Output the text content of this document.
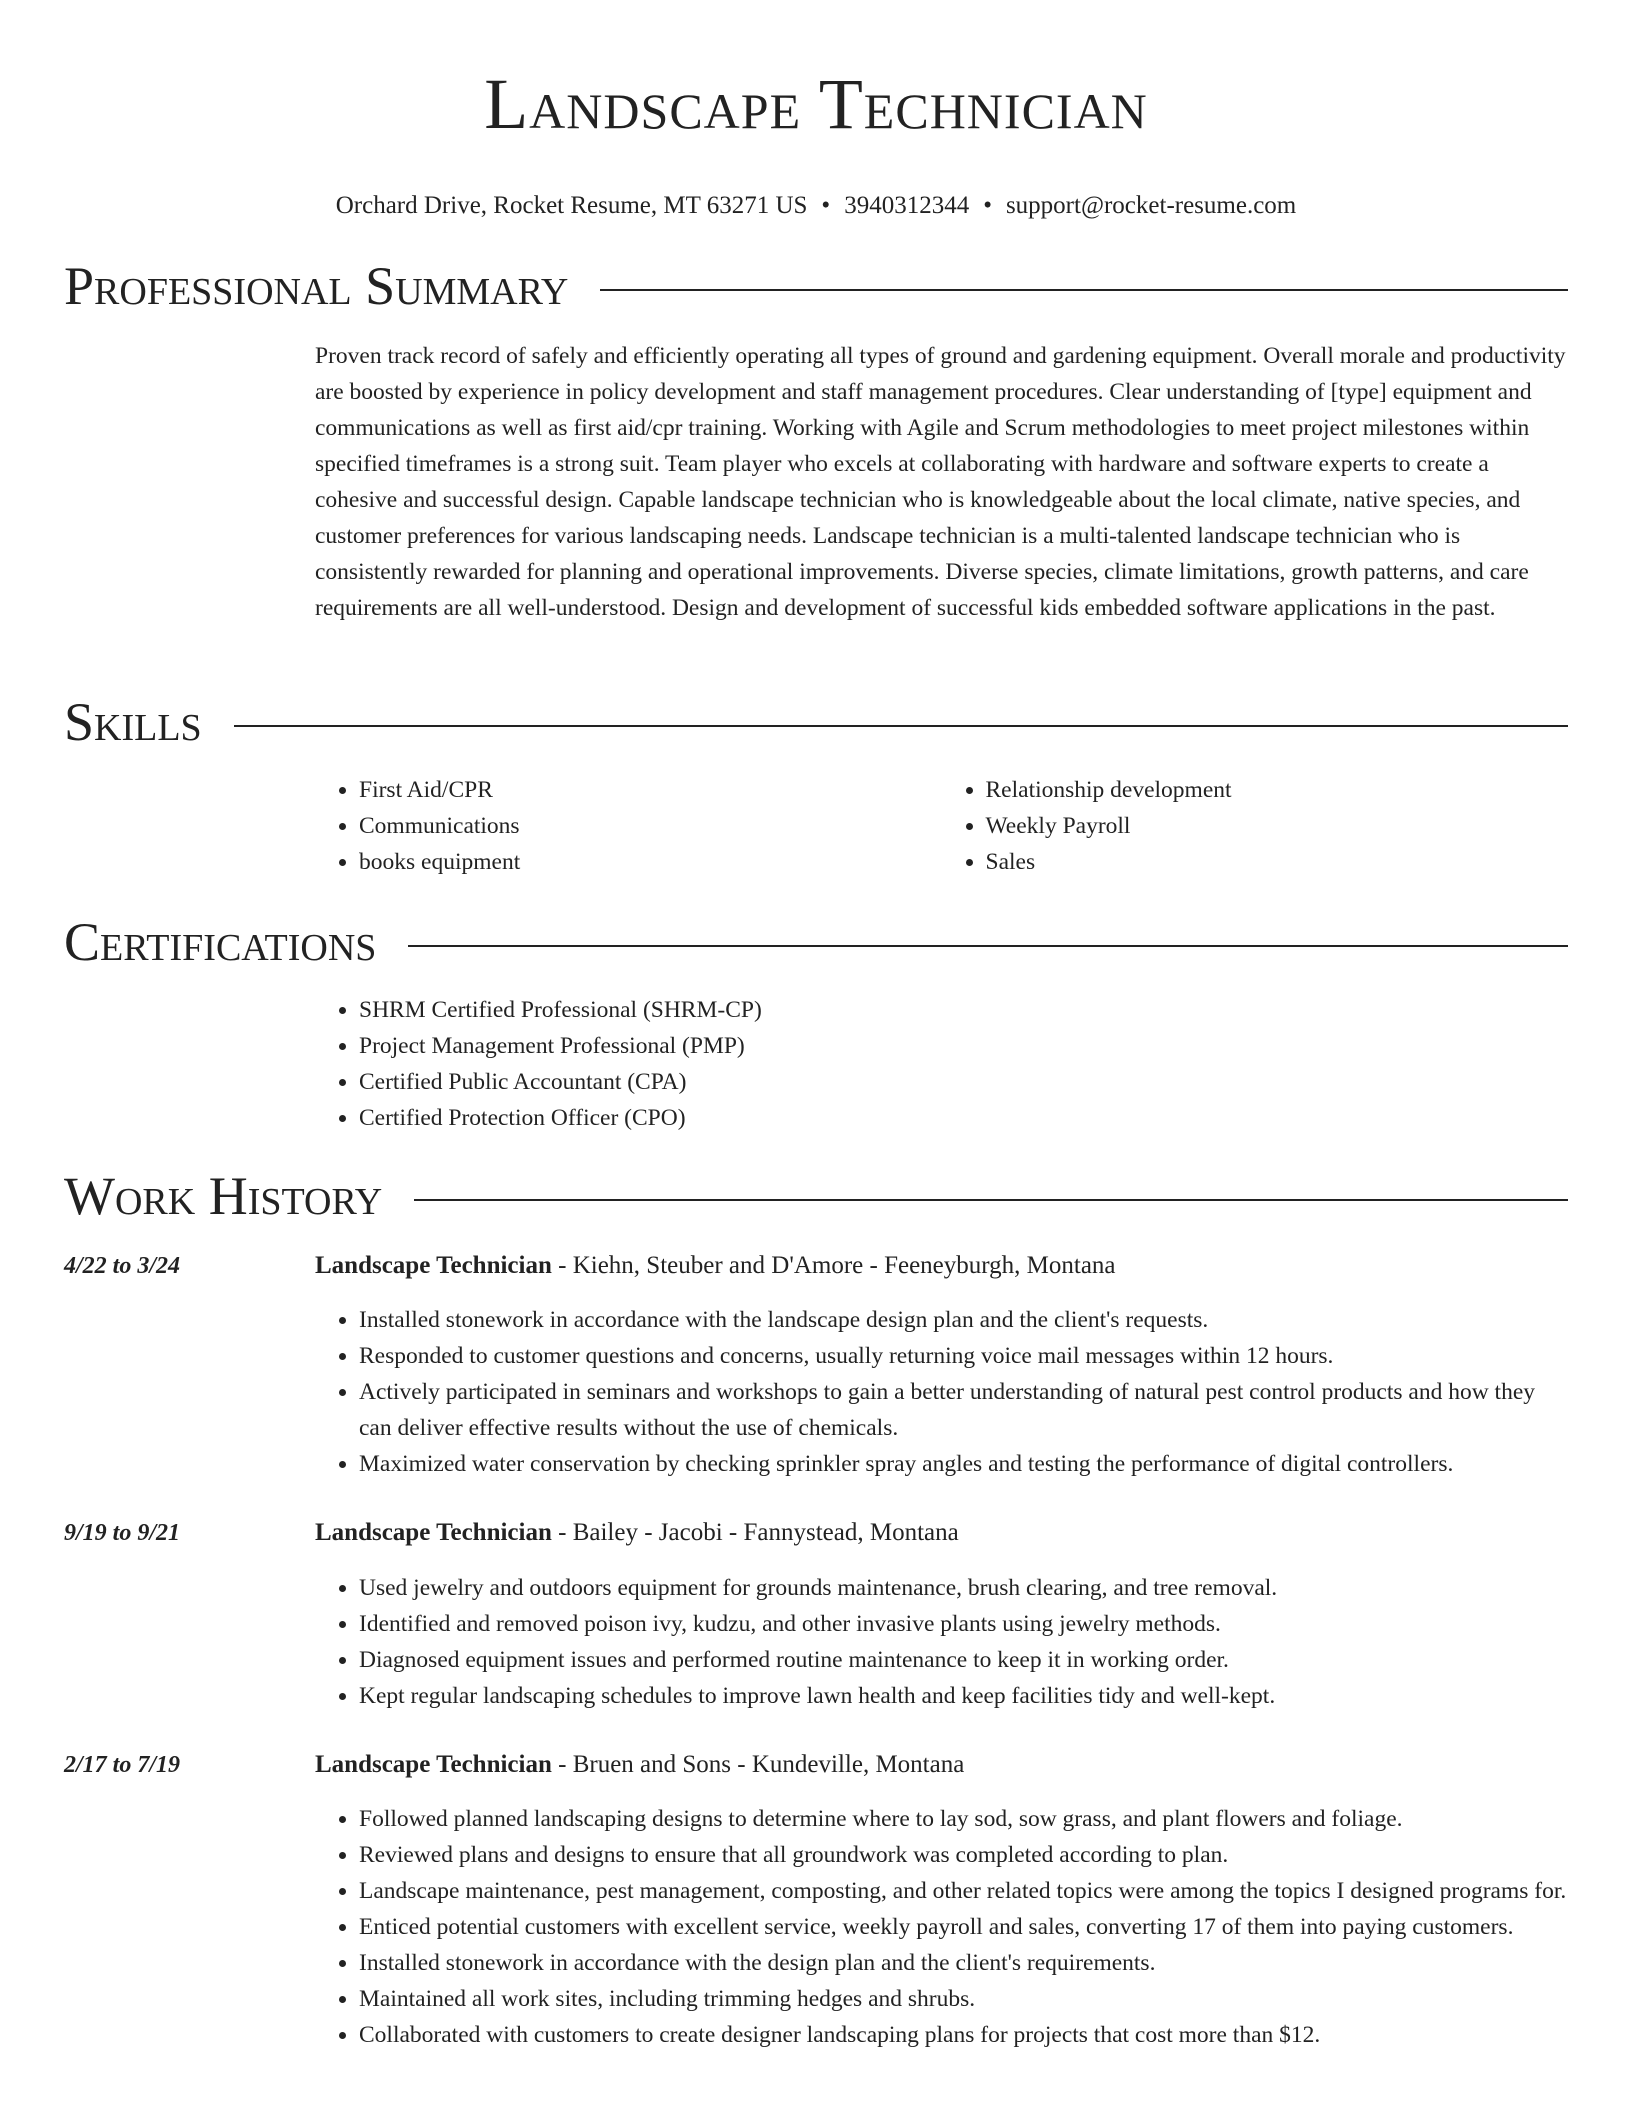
Landscape Technician
Orchard Drive, Rocket Resume, MT 63271 US • 3940312344 • support@rocket-resume.com
Professional Summary

Proven track record of safely and efficiently operating all types of ground and gardening equipment. Overall morale and productivity are boosted by experience in policy development and staff management procedures. Clear understanding of [type] equipment and communications as well as first aid/cpr training. Working with Agile and Scrum methodologies to meet project milestones within specified timeframes is a strong suit. Team player who excels at collaborating with hardware and software experts to create a cohesive and successful design. Capable landscape technician who is knowledgeable about the local climate, native species, and customer preferences for various landscaping needs. Landscape technician is a multi-talented landscape technician who is consistently rewarded for planning and operational improvements. Diverse species, climate limitations, growth patterns, and care requirements are all well-understood. Design and development of successful kids embedded software applications in the past.

Skills
• First Aid/CPR
• Communications
• books equipment
• Relationship development
• Weekly Payroll
• Sales
Certifications
• SHRM Certified Professional (SHRM-CP)
• Project Management Professional (PMP)
• Certified Public Accountant (CPA)
• Certified Protection Officer (CPO)
Work History
4/22 to 3/24	Landscape Technician - Kiehn, Steuber and D'Amore - Feeneyburgh, Montana
• Installed stonework in accordance with the landscape design plan and the client's requests.
• Responded to customer questions and concerns, usually returning voice mail messages within 12 hours.
• Actively participated in seminars and workshops to gain a better understanding of natural pest control products and how they can deliver effective results without the use of chemicals.
• Maximized water conservation by checking sprinkler spray angles and testing the performance of digital controllers.
9/19 to 9/21	Landscape Technician - Bailey - Jacobi - Fannystead, Montana
• Used jewelry and outdoors equipment for grounds maintenance, brush clearing, and tree removal.
• Identified and removed poison ivy, kudzu, and other invasive plants using jewelry methods.
• Diagnosed equipment issues and performed routine maintenance to keep it in working order.
• Kept regular landscaping schedules to improve lawn health and keep facilities tidy and well-kept.
2/17 to 7/19	Landscape Technician - Bruen and Sons - Kundeville, Montana
• Followed planned landscaping designs to determine where to lay sod, sow grass, and plant flowers and foliage.
• Reviewed plans and designs to ensure that all groundwork was completed according to plan.
• Landscape maintenance, pest management, composting, and other related topics were among the topics I designed programs for.
• Enticed potential customers with excellent service, weekly payroll and sales, converting 17 of them into paying customers.
• Installed stonework in accordance with the design plan and the client's requirements.
• Maintained all work sites, including trimming hedges and shrubs.
• Collaborated with customers to create designer landscaping plans for projects that cost more than $12.
